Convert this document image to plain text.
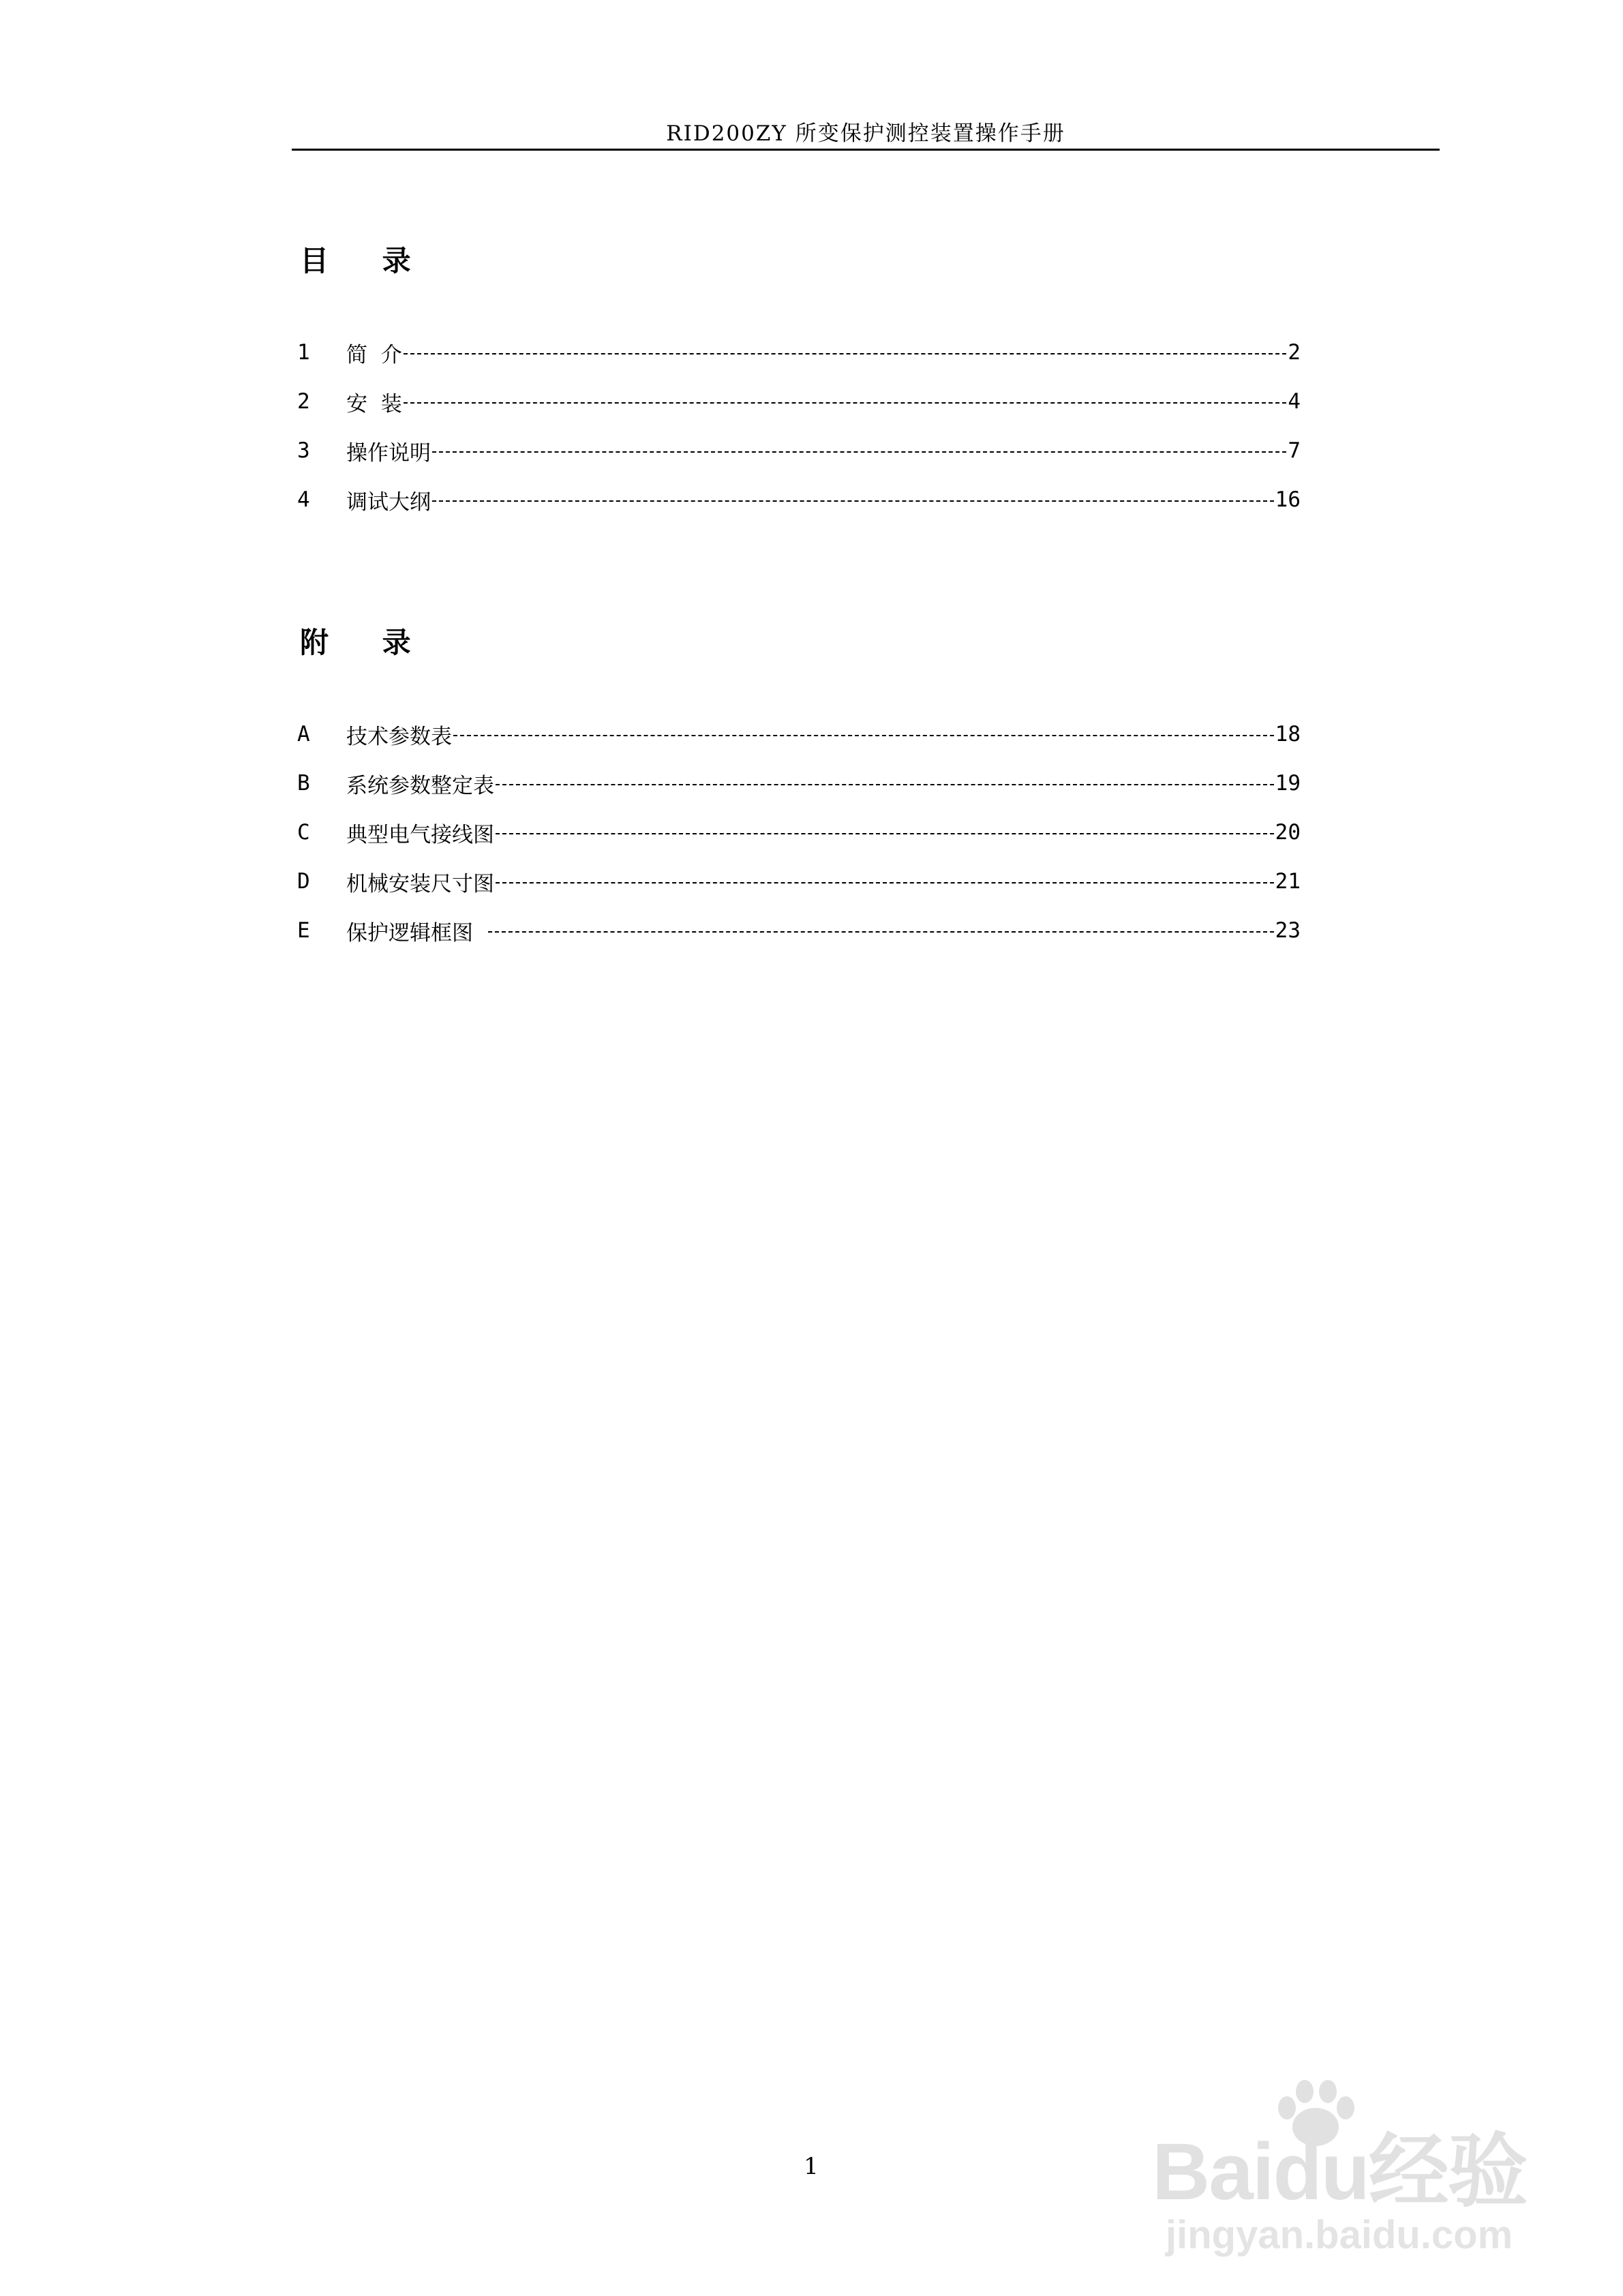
RID200ZY 所变保护测控装置操作手册
目 录
1	简  介	2
2	安  装	4
3	操作说明	7
4	调试大纲	16
附 录
A	技术参数表	18
B	系统参数整定表	19
C	典型电气接线图	20
D	机械安装尺寸图	21
E	保护逻辑框图	23
1	Baidu经验
jingyan.baidu.com
